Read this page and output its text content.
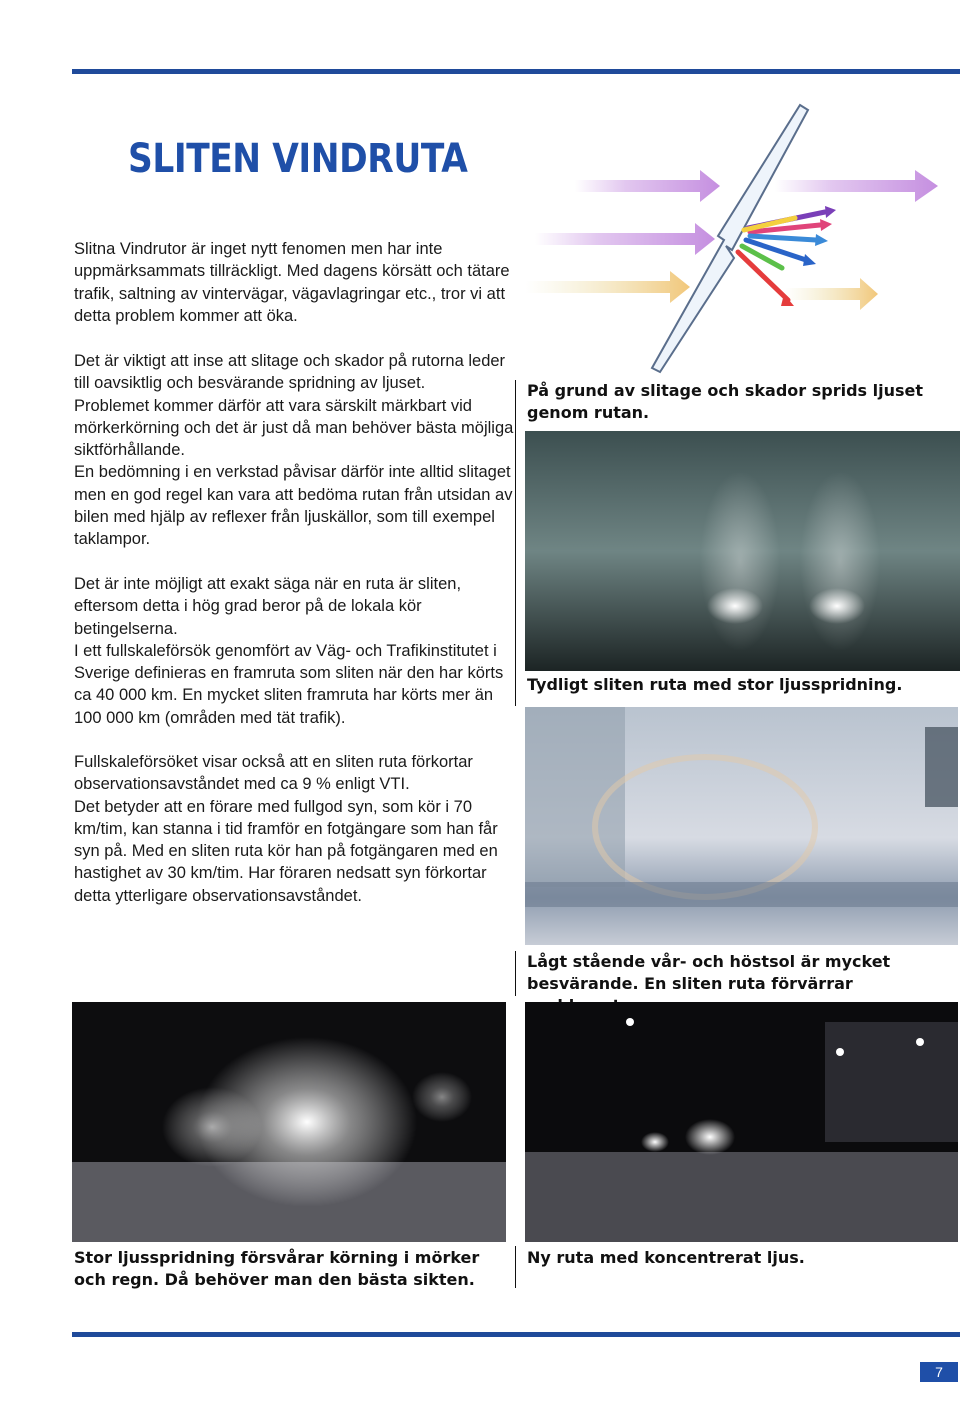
SLITEN VINDRUTA

Slitna Vindrutor är inget nytt fenomen men har inte uppmärksammats tillräckligt. Med dagens körsätt och tätare trafik, saltning av vintervägar, vägavlagringar etc., tror vi att detta problem kommer att öka.

Det är viktigt att inse att slitage och skador på rutorna leder till oavsiktlig och besvärande spridning av ljuset.

Problemet kommer därför att vara särskilt märkbart vid mörkerkörning och det är just då man behöver bästa möjliga siktförhållande.

En bedömning i en verkstad påvisar därför inte alltid slitaget men en god regel kan vara att bedöma rutan från utsidan av bilen med hjälp av reflexer från ljuskällor, som till exempel taklampor.

Det är inte möjligt att exakt säga när en ruta är sliten, eftersom detta i hög grad beror på de lokala kör betingelserna.

I ett fullskaleförsök genomfört av Väg- och Trafikinstitutet i Sverige definieras en framruta som sliten när den har körts ca 40 000 km. En mycket sliten framruta har körts mer än 100 000 km (områden med tät trafik).

Fullskaleförsöket visar också att en sliten ruta förkortar observationsavståndet med ca 9 % enligt VTI.

Det betyder att en förare med fullgod syn, som kör i 70 km/tim, kan stanna i tid framför en fotgängare som han får syn på. Med en sliten ruta kör han på fotgängaren med en hastighet av 30 km/tim. Har föraren nedsatt syn förkortar detta ytterligare observationsavståndet.

På grund av slitage och skador sprids ljuset genom rutan.
Tydligt sliten ruta med stor ljusspridning.
Lågt stående vår- och höstsol är mycket besvärande. En sliten ruta förvärrar
Stor ljusspridning försvårar körning i mörker och regn. Då behöver man den bästa sikten.
Ny ruta med koncentrerat ljus.
7
